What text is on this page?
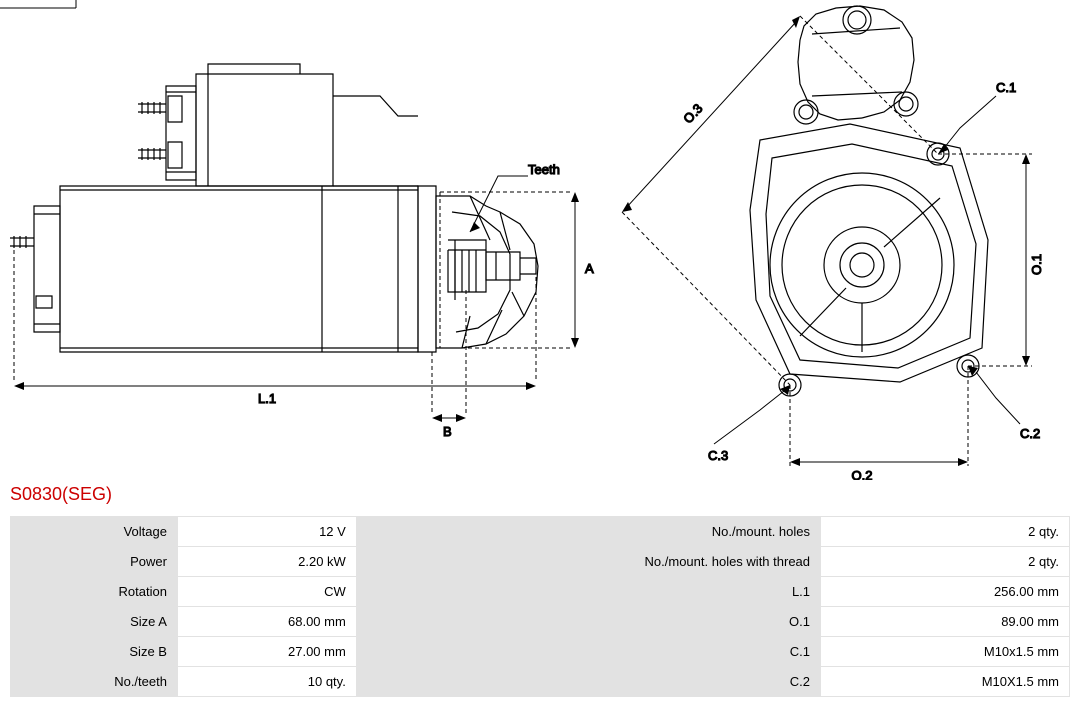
A
L.1
B
Teeth
O.1
O.2
O.3
C.1
C.2
C.3
S0830(SEG)
Voltage	12 V	No./mount. holes	2 qty.
Power	2.20 kW	No./mount. holes with thread	2 qty.
Rotation	CW	L.1	256.00 mm
Size A	68.00 mm	O.1	89.00 mm
Size B	27.00 mm	C.1	M10x1.5 mm
No./teeth	10 qty.	C.2	M10X1.5 mm
